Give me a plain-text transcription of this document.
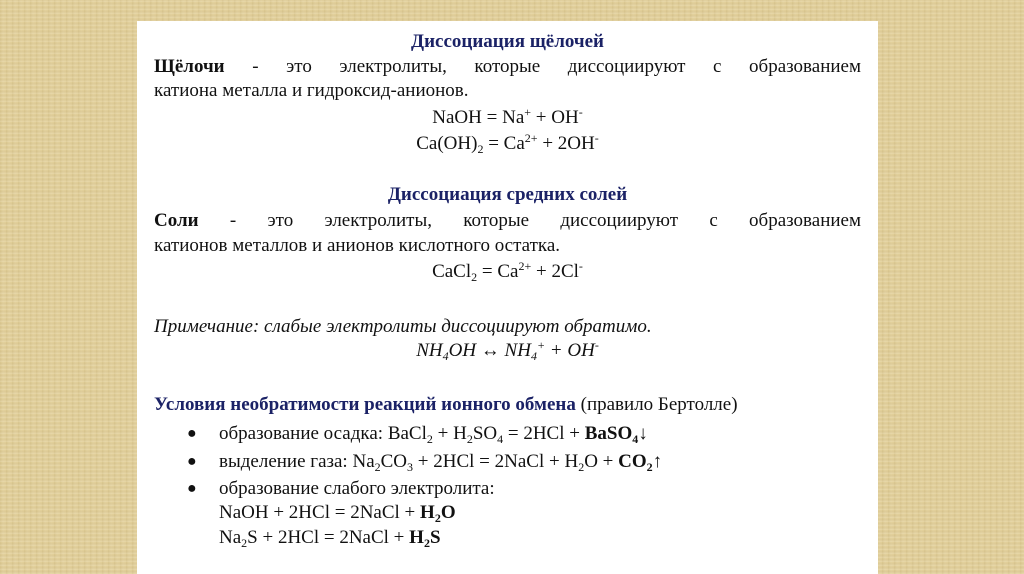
Диссоциация щёлочей
Щёлочи - это электролиты, которые диссоциируют с образованием
катиона металла и гидроксид-анионов.
NaOH = Na+ + OH-
$Ca(OH)_2 = Ca^{2+} + 2OH^-$
Диссоциация средних солей
Соли - это электролиты, которые диссоциируют с образованием
катионов металлов и анионов кислотного остатка.
CaCl$_2$ = $Ca^{2+} + 2Cl^-$
Примечание: слабые электролиты диссоциируют обратимо.
$NH_4OH$ ↔ $NH_4^+ + OH^-$
Условия необратимости реакций ионного обмена (правило Бертолле)
● образование осадка: BaCl$_2$ + $H_2SO_4 = 2HCl$ + BaSO$_4$↓
● выделение газа: $Na_2CO_3 + 2HCl$ = 2NaCl + $H_2O$ + $CO_2↑$
● образование слабого электролита:
NaOH + 2HCl = 2NaCl + $H_2O$
$Na_2S + 2HCl$ = 2NaCl + $H_2S$
